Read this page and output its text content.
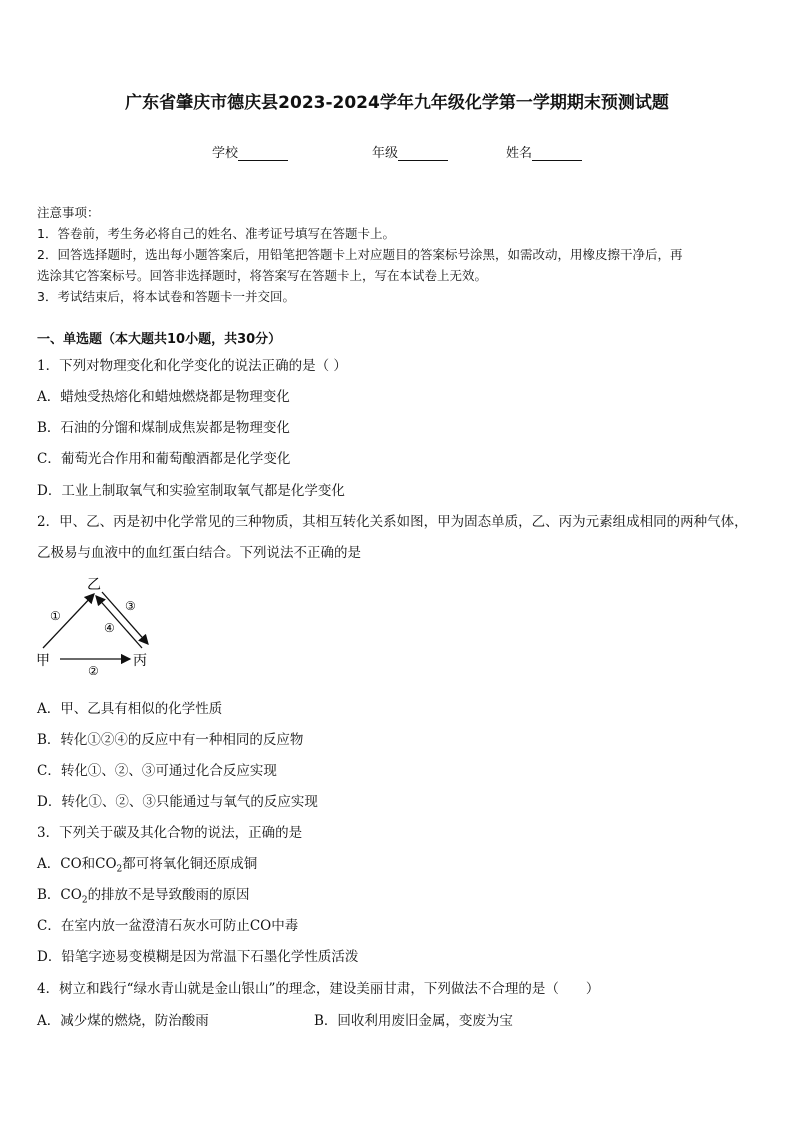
广东省肇庆市德庆县2023-2024学年九年级化学第一学期期末预测试题
学校	年级	姓名
注意事项：
1．答卷前，考生务必将自己的姓名、准考证号填写在答题卡上。
2．回答选择题时，选出每小题答案后，用铅笔把答题卡上对应题目的答案标号涂黑，如需改动，用橡皮擦干净后，再
选涂其它答案标号。回答非选择题时，将答案写在答题卡上，写在本试卷上无效。
3．考试结束后，将本试卷和答题卡一并交回。
一、单选题（本大题共10小题，共30分）
1．下列对物理变化和化学变化的说法正确的是（ ）
A．蜡烛受热熔化和蜡烛燃烧都是物理变化
B．石油的分馏和煤制成焦炭都是物理变化
C．葡萄光合作用和葡萄酿酒都是化学变化
D．工业上制取氧气和实验室制取氧气都是化学变化
2．甲、乙、丙是初中化学常见的三种物质，其相互转化关系如图，甲为固态单质，乙、丙为元素组成相同的两种气体，
乙极易与血液中的血红蛋白结合。下列说法不正确的是
乙
甲	丙
①
②
③
④
A．甲、乙具有相似的化学性质
B．转化①②④的反应中有一种相同的反应物
C．转化①、②、③可通过化合反应实现
D．转化①、②、③只能通过与氧气的反应实现
3．下列关于碳及其化合物的说法，正确的是
A．CO和$CO_2$都可将氧化铜还原成铜
B．$CO_2$的排放不是导致酸雨的原因
C．在室内放一盆澄清石灰水可防止CO中毒
D．铅笔字迹易变模糊是因为常温下石墨化学性质活泼
4．树立和践行“绿水青山就是金山银山”的理念，建设美丽甘肃，下列做法不合理的是（　　）
A．减少煤的燃烧，防治酸雨	B．回收利用废旧金属，变废为宝
